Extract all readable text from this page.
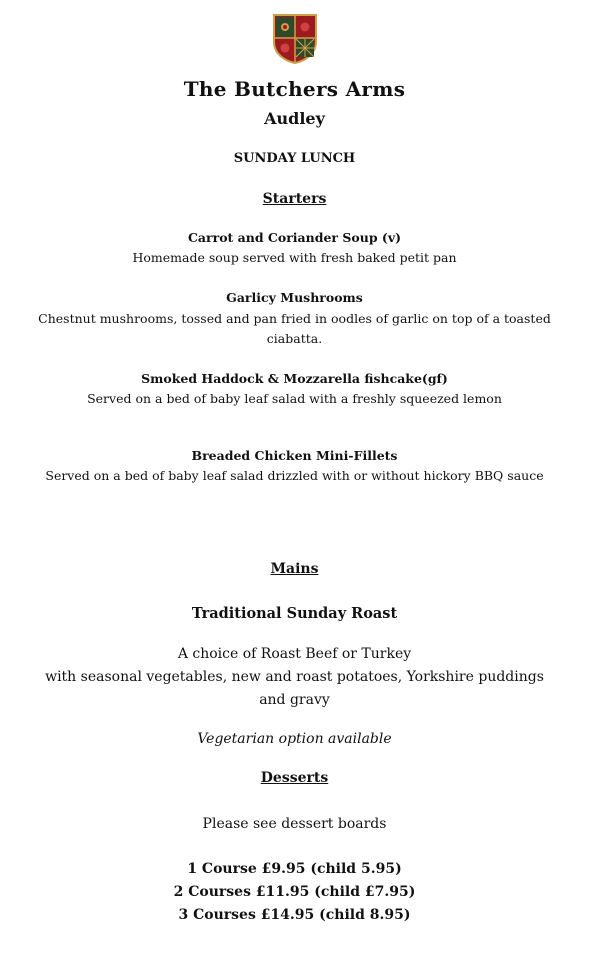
The Butchers Arms
Audley
SUNDAY LUNCH
Starters
Carrot and Coriander Soup (v)
Homemade soup served with fresh baked petit pan
Garlicy Mushrooms
Chestnut mushrooms, tossed and pan fried in oodles of garlic on top of a toasted
ciabatta.
Smoked Haddock & Mozzarella fishcake(gf)
Served on a bed of baby leaf salad with a freshly squeezed lemon
Breaded Chicken Mini-Fillets
Served on a bed of baby leaf salad drizzled with or without hickory BBQ sauce
Mains
Traditional Sunday Roast
A choice of Roast Beef or Turkey
with seasonal vegetables, new and roast potatoes, Yorkshire puddings
and gravy
Vegetarian option available
Desserts
Please see dessert boards
1 Course £9.95 (child 5.95)
2 Courses £11.95 (child £7.95)
3 Courses £14.95 (child 8.95)
